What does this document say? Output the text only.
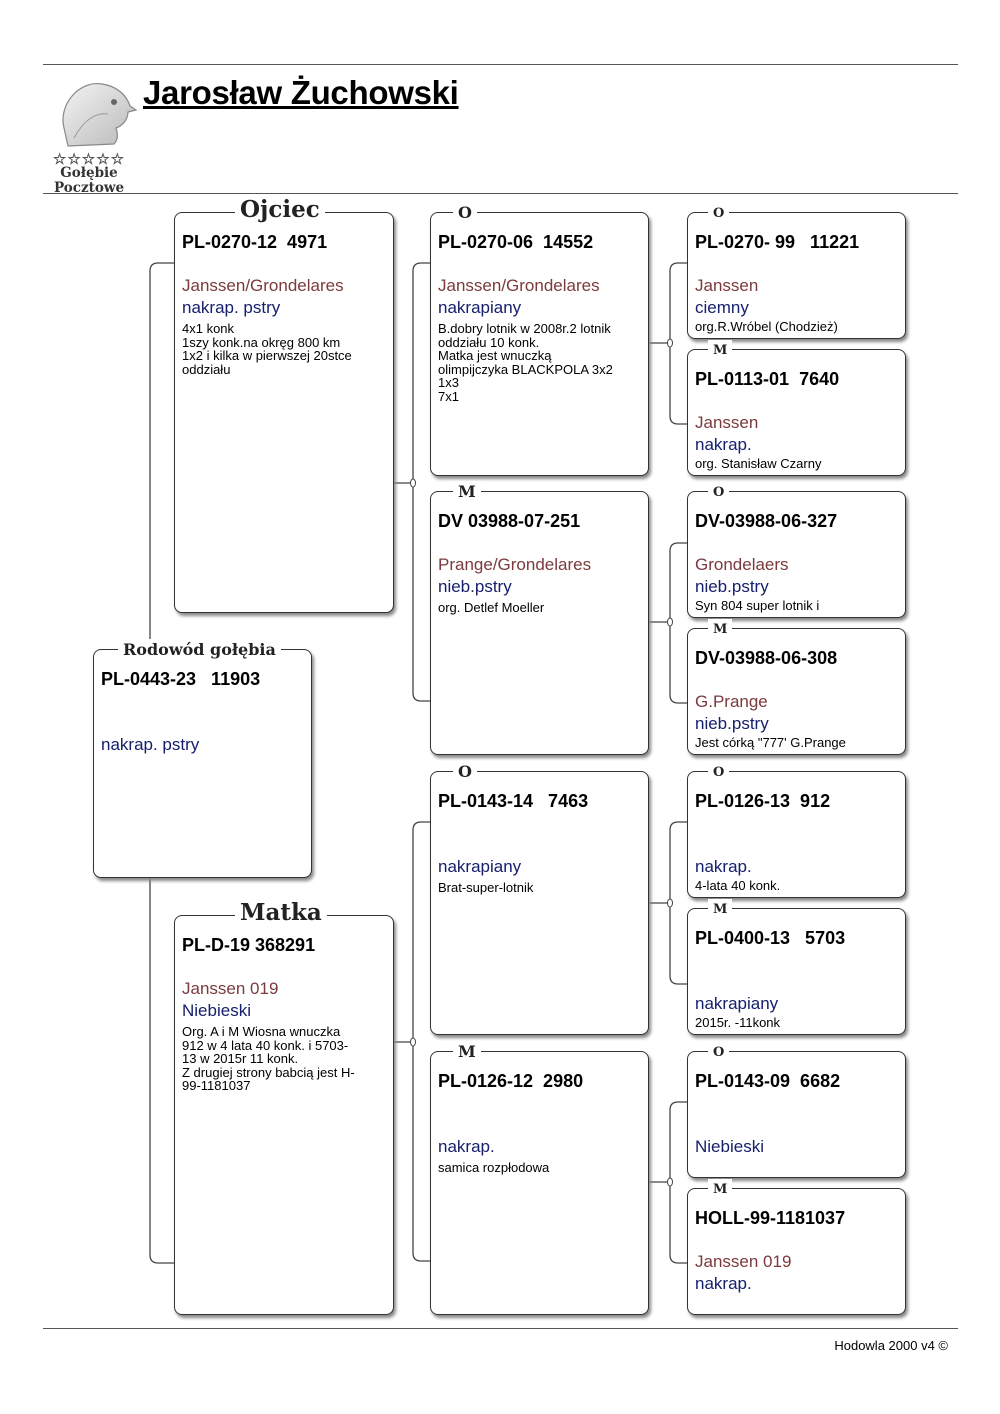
☆☆☆☆☆
Gołębie Pocztowe
Jarosław Żuchowski
Rodowód gołębia
PL-0443-23   11903

nakrap. pstry
Ojciec
PL-0270-12  4971
Janssen/Grondelares
nakrap. pstry
4x1 konk
1szy konk.na okręg 800 km
1x2 i kilka w pierwszej 20stce
oddziału
Matka
PL-D-19 368291
Janssen 019
Niebieski
Org. A i M Wiosna wnuczka
912 w 4 lata 40 konk. i 5703-
13 w 2015r 11 konk.
Z drugiej strony babcią jest H-
99-1181037
O
PL-0270-06  14552
Janssen/Grondelares
nakrapiany
B.dobry lotnik w 2008r.2 lotnik
oddziału 10 konk.
Matka jest wnuczką
olimpijczyka BLACKPOLA 3x2
1x3
7x1
M
DV 03988-07-251
Prange/Grondelares
nieb.pstry
org. Detlef Moeller
O
PL-0143-14   7463

nakrapiany
Brat-super-lotnik
M
PL-0126-12  2980

nakrap.
samica rozpłodowa
O
PL-0270- 99   11221
Janssen
ciemny
org.R.Wróbel (Chodzież)
M
PL-0113-01  7640
Janssen
nakrap.
org. Stanisław Czarny
O
DV-03988-06-327
Grondelaers
nieb.pstry
Syn 804 super lotnik i
M
DV-03988-06-308
G.Prange
nieb.pstry
Jest córką "777' G.Prange
O
PL-0126-13  912

nakrap.
4-lata 40 konk.
M
PL-0400-13   5703

nakrapiany
2015r. -11konk
O
PL-0143-09  6682

Niebieski
M
HOLL-99-1181037
Janssen 019
nakrap.
Hodowla 2000 v4 ©
